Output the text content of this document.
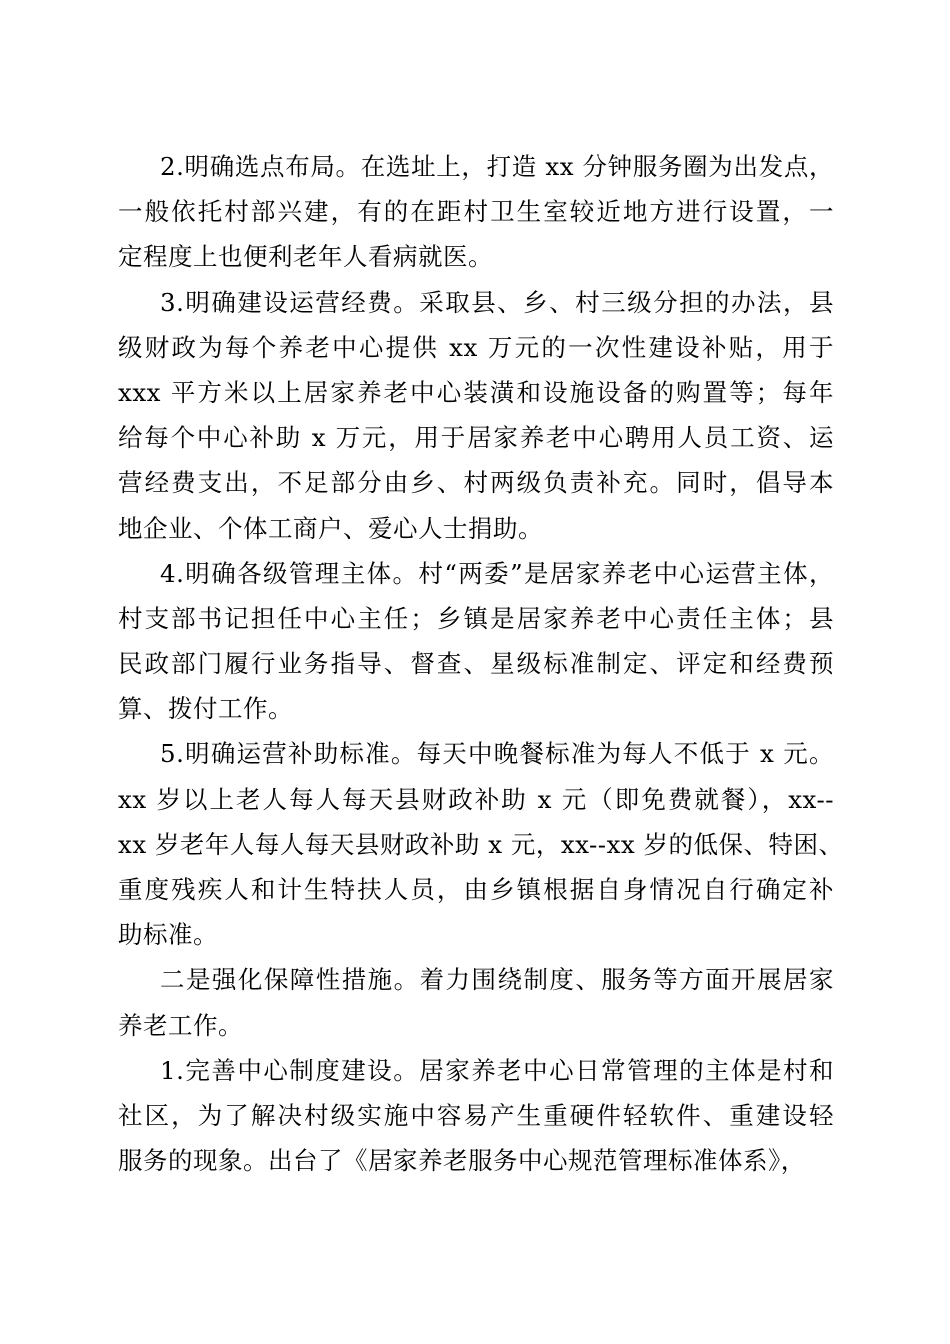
2.明确选点布局。在选址上，打造 xx 分钟服务圈为出发点，
一般依托村部兴建，有的在距村卫生室较近地方进行设置，一
定程度上也便利老年人看病就医。
3.明确建设运营经费。采取县、乡、村三级分担的办法，县
级财政为每个养老中心提供 xx 万元的一次性建设补贴，用于
xxx 平方米以上居家养老中心装潢和设施设备的购置等；每年
给每个中心补助 x 万元，用于居家养老中心聘用人员工资、运
营经费支出，不足部分由乡、村两级负责补充。同时，倡导本
地企业、个体工商户、爱心人士捐助。
4.明确各级管理主体。村“两委”是居家养老中心运营主体，
村支部书记担任中心主任；乡镇是居家养老中心责任主体；县
民政部门履行业务指导、督查、星级标准制定、评定和经费预
算、拨付工作。
5.明确运营补助标准。每天中晚餐标准为每人不低于 x 元。
xx 岁以上老人每人每天县财政补助 x 元（即免费就餐），xx--
xx 岁老年人每人每天县财政补助 x 元，xx--xx 岁的低保、特困、
重度残疾人和计生特扶人员，由乡镇根据自身情况自行确定补
助标准。
二是强化保障性措施。着力围绕制度、服务等方面开展居家
养老工作。
1.完善中心制度建设。居家养老中心日常管理的主体是村和
社区，为了解决村级实施中容易产生重硬件轻软件、重建设轻
服务的现象。出台了《居家养老服务中心规范管理标准体系》，
